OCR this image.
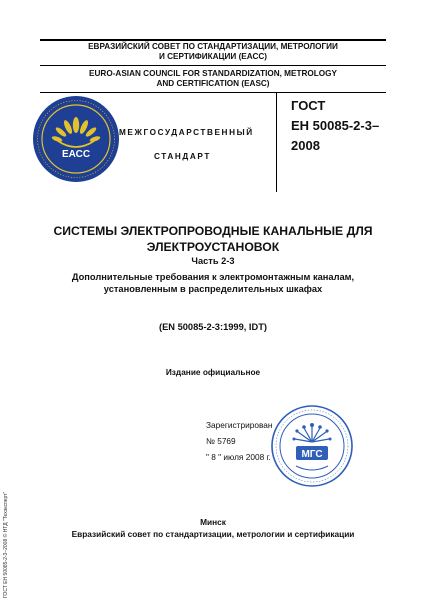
ЕВРАЗИЙСКИЙ СОВЕТ ПО СТАНДАРТИЗАЦИИ, МЕТРОЛОГИИ
И СЕРТИФИКАЦИИ (ЕАСС)
EURO-ASIAN COUNCIL FOR STANDARDIZATION, METROLOGY
AND CERTIFICATION (EASC)
ЕАСС
МЕЖГОСУДАРСТВЕННЫЙ
СТАНДАРТ
ГОСТ
ЕН 50085-2-3–
2008
СИСТЕМЫ ЭЛЕКТРОПРОВОДНЫЕ КАНАЛЬНЫЕ ДЛЯ
ЭЛЕКТРОУСТАНОВОК
Часть 2-3
Дополнительные требования к электромонтажным каналам,
установленным в распределительных шкафах
(EN 50085-2-3:1999, IDT)
Издание официальное
Зарегистрирован
№ 5769
" 8 " июля 2008 г.	МГС
Минск
Евразийский совет по стандартизации, метрологии и сертификации
ГОСТ ЕН 50085-2-3–2008 © НТД "Техэксперт"
